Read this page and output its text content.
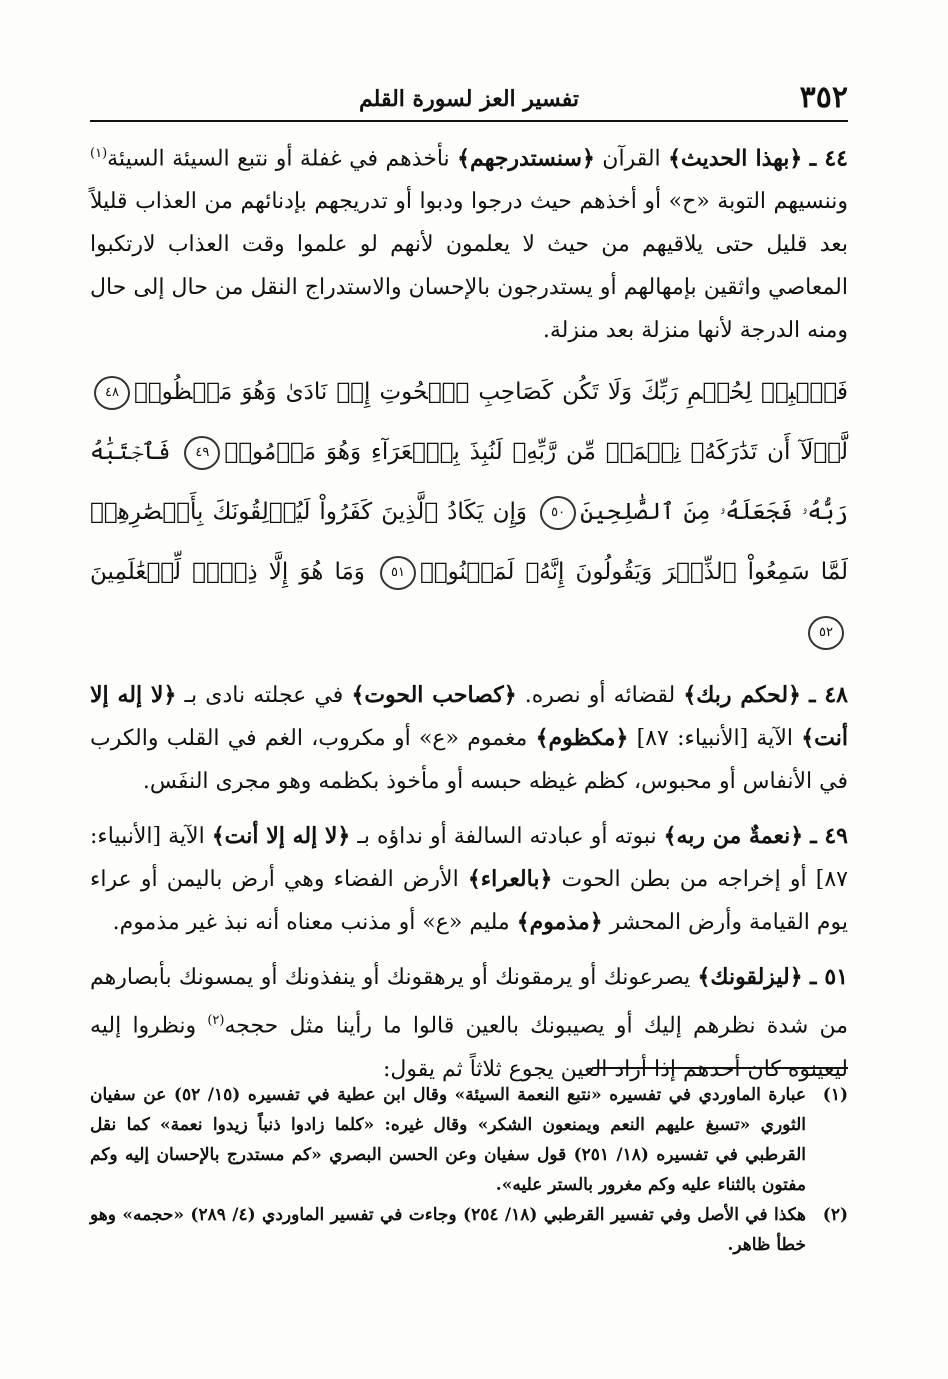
٣٥٢
تفسير العز لسورة القلم

٤٤ ـ ﴿بهذا الحديث﴾ القرآن ﴿سنستدرجهم﴾ نأخذهم في غفلة أو نتبع السيئة السيئة$^{(١)}$ وننسيهم التوبة «ح» أو أخذهم حيث درجوا ودبوا أو تدريجهم بإدنائهم من العذاب قليلاً بعد قليل حتى يلاقيهم من حيث لا يعلمون لأنهم لو علموا وقت العذاب لارتكبوا المعاصي واثقين بإمهالهم أو يستدرجون بالإحسان والاستدراج النقل من حال إلى حال ومنه الدرجة لأنها منزلة بعد منزلة.

فَٱصۡبِرۡ لِحُكۡمِ رَبِّكَ وَلَا تَكُن كَصَاحِبِ ٱلۡحُوتِ إِذۡ نَادَىٰ وَهُوَ مَكۡظُومٞ٤٨ لَّوۡلَآ أَن تَدَٰرَكَهُۥ نِعۡمَةٞ مِّن رَّبِّهِۦ لَنُبِذَ بِٱلۡعَرَآءِ وَهُوَ مَذۡمُومٞ٤٩ فَٱجۡتَبَٰهُ رَبُّهُۥ فَجَعَلَهُۥ مِنَ ٱلصَّٰلِحِينَ٥٠ وَإِن يَكَادُ ٱلَّذِينَ كَفَرُواْ لَيُزۡلِقُونَكَ بِأَبۡصَٰرِهِمۡ لَمَّا سَمِعُواْ ٱلذِّكۡرَ وَيَقُولُونَ إِنَّهُۥ لَمَجۡنُونٞ٥١ وَمَا هُوَ إِلَّا ذِكۡرٞ لِّلۡعَٰلَمِينَ٥٢

٤٨ ـ ﴿لحكم ربك﴾ لقضائه أو نصره. ﴿كصاحب الحوت﴾ في عجلته نادى بـ ﴿لا إله إلا أنت﴾ الآية [الأنبياء: ٨٧] ﴿مكظوم﴾ مغموم «ع» أو مكروب، الغم في القلب والكرب في الأنفاس أو محبوس، كظم غيظه حبسه أو مأخوذ بكظمه وهو مجرى النفَس.

٤٩ ـ ﴿نعمةٌ من ربه﴾ نبوته أو عبادته السالفة أو نداؤه بـ ﴿لا إله إلا أنت﴾ الآية [الأنبياء: ٨٧] أو إخراجه من بطن الحوت ﴿بالعراء﴾ الأرض الفضاء وهي أرض باليمن أو عراء يوم القيامة وأرض المحشر ﴿مذموم﴾ مليم «ع» أو مذنب معناه أنه نبذ غير مذموم.

٥١ ـ ﴿ليزلقونك﴾ يصرعونك أو يرمقونك أو يرهقونك أو ينفذونك أو يمسونك بأبصارهم من شدة نظرهم إليك أو يصيبونك بالعين قالوا ما رأينا مثل حججه$^{(٢)}$ ونظروا إليه ليعينوه كان أحدهم إذا أراد العين يجوع ثلاثاً ثم يقول:

(١)
عبارة الماوردي في تفسيره «نتبع النعمة السيئة» وقال ابن عطية في تفسيره (١٥/ ٥٢) عن سفيان الثوري «تسبغ عليهم النعم ويمنعون الشكر» وقال غيره: «كلما زادوا ذنباً زيدوا نعمة» كما نقل القرطبي في تفسيره (١٨/ ٢٥١) قول سفيان وعن الحسن البصري «كم مستدرج بالإحسان إليه وكم مفتون بالثناء عليه وكم مغرور بالستر عليه».

(٢)
هكذا في الأصل وفي تفسير القرطبي (١٨/ ٢٥٤) وجاءت في تفسير الماوردي (٤/ ٢٨٩) «حجمه» وهو خطأ ظاهر.
